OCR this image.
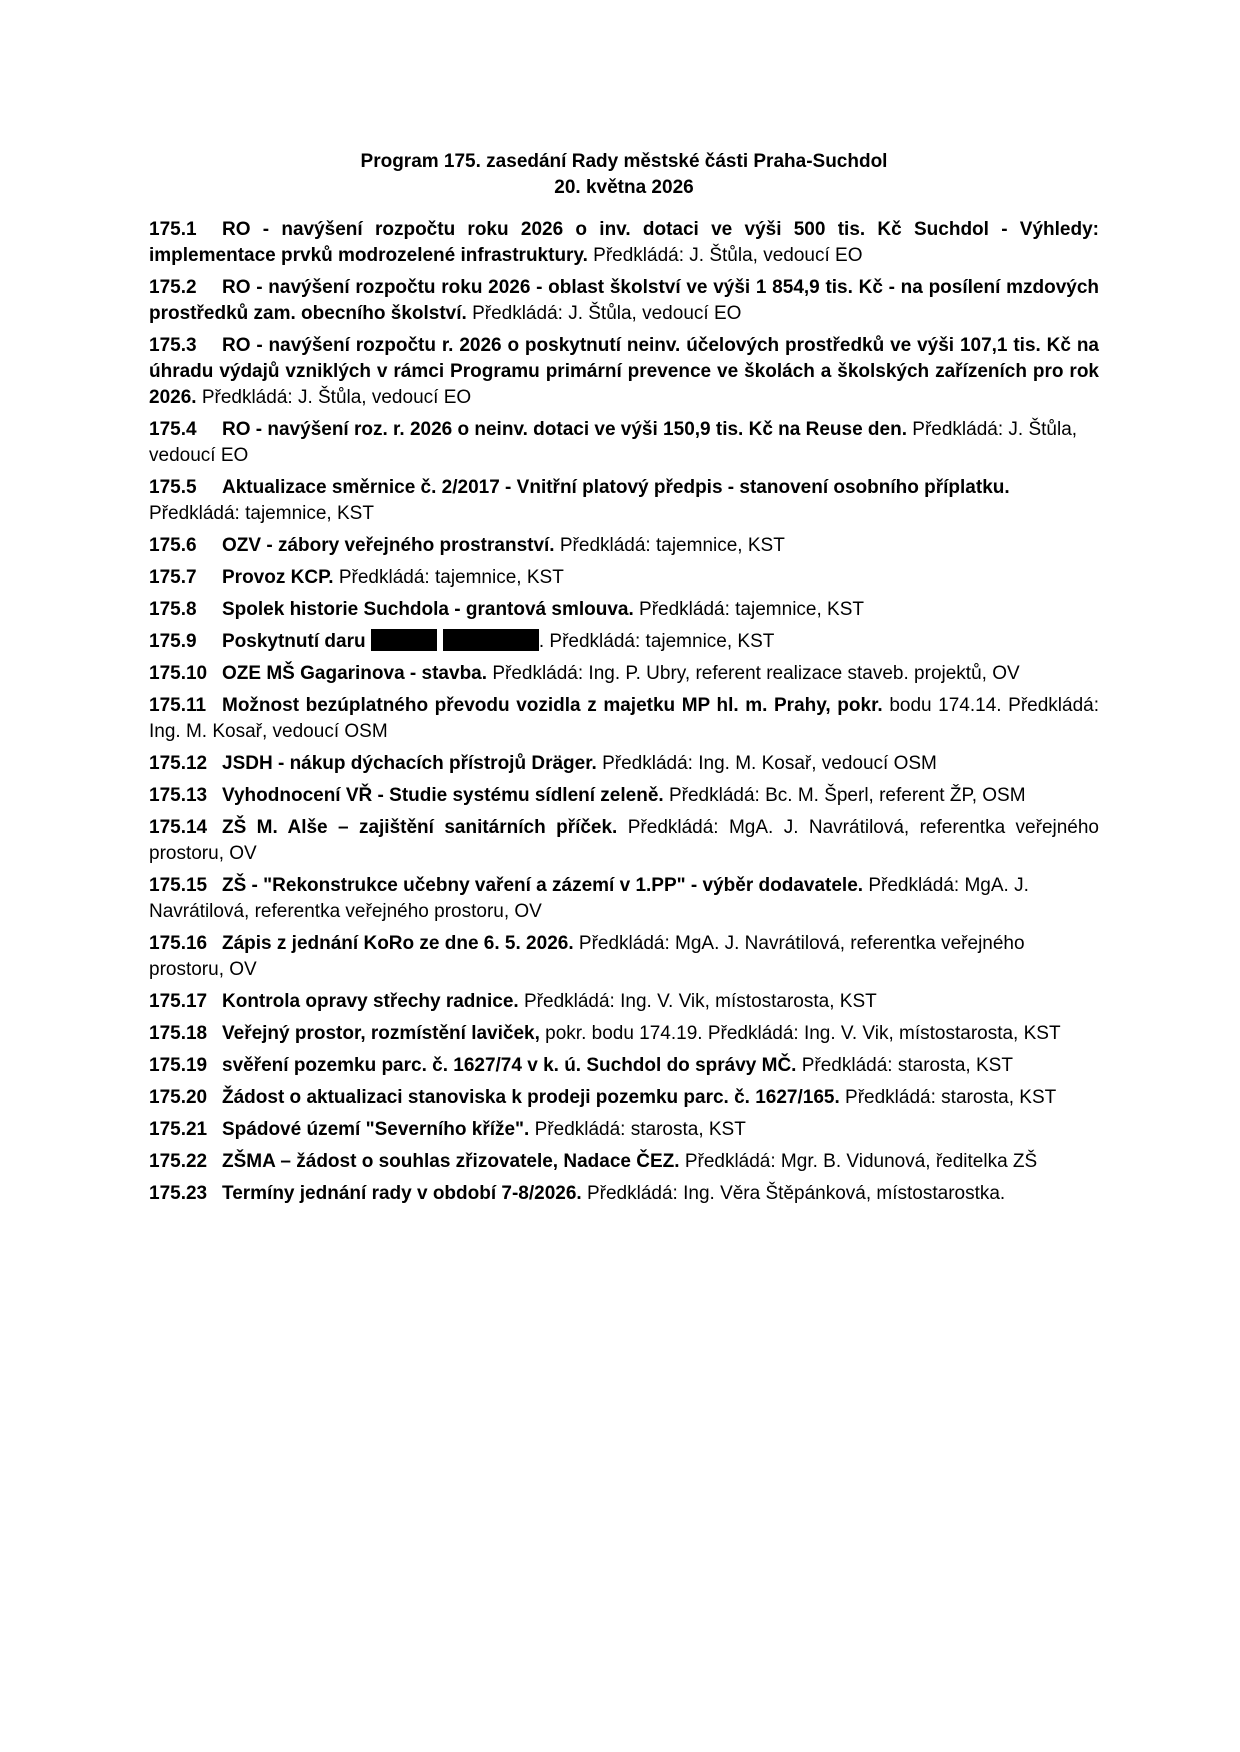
Program 175. zasedání Rady městské části Praha-Suchdol
20. května 2026
175.1 RO - navýšení rozpočtu roku 2026 o inv. dotaci ve výši 500 tis. Kč Suchdol - Výhledy: implementace prvků modrozelené infrastruktury. Předkládá: J. Štůla, vedoucí EO
175.2 RO - navýšení rozpočtu roku 2026 - oblast školství ve výši 1 854,9 tis. Kč - na posílení mzdových prostředků zam. obecního školství. Předkládá: J. Štůla, vedoucí EO
175.3 RO - navýšení rozpočtu r. 2026 o poskytnutí neinv. účelových prostředků ve výši 107,1 tis. Kč na úhradu výdajů vzniklých v rámci Programu primární prevence ve školách a školských zařízeních pro rok 2026. Předkládá: J. Štůla, vedoucí EO
175.4 RO - navýšení roz. r. 2026 o neinv. dotaci ve výši 150,9 tis. Kč na Reuse den. Předkládá: J. Štůla, vedoucí EO
175.5 Aktualizace směrnice č. 2/2017 - Vnitřní platový předpis - stanovení osobního příplatku. Předkládá: tajemnice, KST
175.6 OZV - zábory veřejného prostranství. Předkládá: tajemnice, KST
175.7 Provoz KCP. Předkládá: tajemnice, KST
175.8 Spolek historie Suchdola - grantová smlouva. Předkládá: tajemnice, KST
175.9 Poskytnutí daru	. Předkládá: tajemnice, KST
175.10 OZE MŠ Gagarinova - stavba. Předkládá: Ing. P. Ubry, referent realizace staveb. projektů, OV
175.11 Možnost bezúplatného převodu vozidla z majetku MP hl. m. Prahy, pokr. bodu 174.14. Předkládá: Ing. M. Kosař, vedoucí OSM
175.12 JSDH - nákup dýchacích přístrojů Dräger. Předkládá: Ing. M. Kosař, vedoucí OSM
175.13 Vyhodnocení VŘ - Studie systému sídlení zeleně. Předkládá: Bc. M. Šperl, referent ŽP, OSM
175.14 ZŠ M. Alše – zajištění sanitárních příček. Předkládá: MgA. J. Navrátilová, referentka veřejného prostoru, OV
175.15 ZŠ - "Rekonstrukce učebny vaření a zázemí v 1.PP" - výběr dodavatele. Předkládá: MgA. J. Navrátilová, referentka veřejného prostoru, OV
175.16 Zápis z jednání KoRo ze dne 6. 5. 2026. Předkládá: MgA. J. Navrátilová, referentka veřejného prostoru, OV
175.17 Kontrola opravy střechy radnice. Předkládá: Ing. V. Vik, místostarosta, KST
175.18 Veřejný prostor, rozmístění laviček, pokr. bodu 174.19. Předkládá: Ing. V. Vik, místostarosta, KST
175.19 svěření pozemku parc. č. 1627/74 v k. ú. Suchdol do správy MČ. Předkládá: starosta, KST
175.20 Žádost o aktualizaci stanoviska k prodeji pozemku parc. č. 1627/165. Předkládá: starosta, KST
175.21 Spádové území "Severního kříže". Předkládá: starosta, KST
175.22 ZŠMA – žádost o souhlas zřizovatele, Nadace ČEZ. Předkládá: Mgr. B. Vidunová, ředitelka ZŠ
175.23 Termíny jednání rady v období 7-8/2026. Předkládá: Ing. Věra Štěpánková, místostarostka.
